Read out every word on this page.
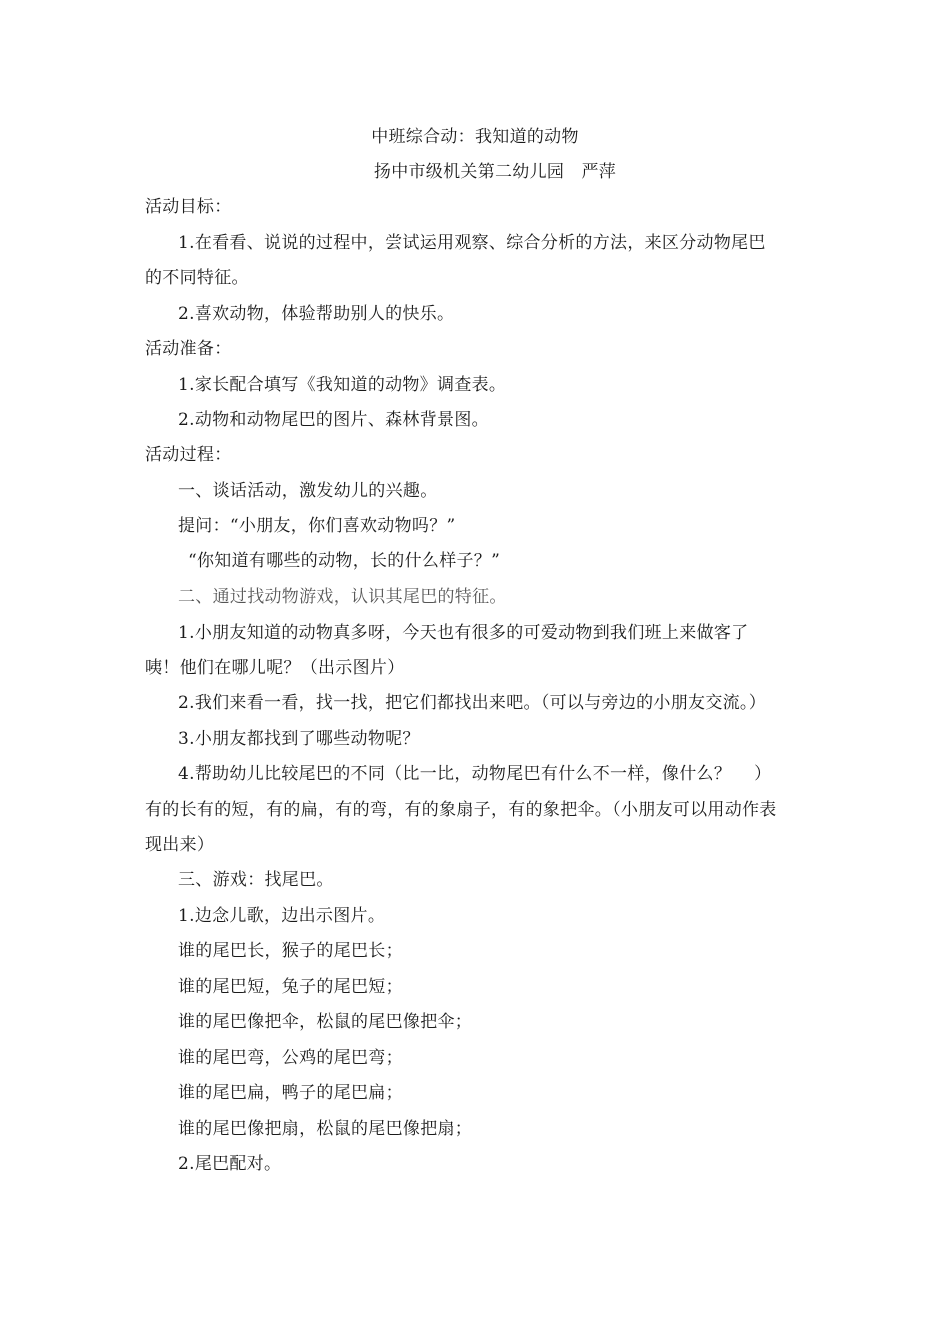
中班综合动：我知道的动物
扬中市级机关第二幼儿园　严萍
活动目标：
1.在看看、说说的过程中，尝试运用观察、综合分析的方法，来区分动物尾巴
的不同特征。
2.喜欢动物，体验帮助别人的快乐。
活动准备：
1.家长配合填写《我知道的动物》调查表。
2.动物和动物尾巴的图片、森林背景图。
活动过程：
一、谈话活动，激发幼儿的兴趣。
提问：“小朋友，你们喜欢动物吗？”
“你知道有哪些的动物，长的什么样子？”
二、通过找动物游戏，认识其尾巴的特征。
1.小朋友知道的动物真多呀，今天也有很多的可爱动物到我们班上来做客了
咦！他们在哪儿呢？（出示图片）
2.我们来看一看，找一找，把它们都找出来吧。（可以与旁边的小朋友交流。）
3.小朋友都找到了哪些动物呢？
4.帮助幼儿比较尾巴的不同（比一比，动物尾巴有什么不一样，像什么？　 ）
有的长有的短，有的扁，有的弯，有的象扇子，有的象把伞。（小朋友可以用动作表
现出来）
三、游戏：找尾巴。
1.边念儿歌，边出示图片。
谁的尾巴长，猴子的尾巴长；
谁的尾巴短，兔子的尾巴短；
谁的尾巴像把伞，松鼠的尾巴像把伞；
谁的尾巴弯，公鸡的尾巴弯；
谁的尾巴扁，鸭子的尾巴扁；
谁的尾巴像把扇，松鼠的尾巴像把扇；
2.尾巴配对。
